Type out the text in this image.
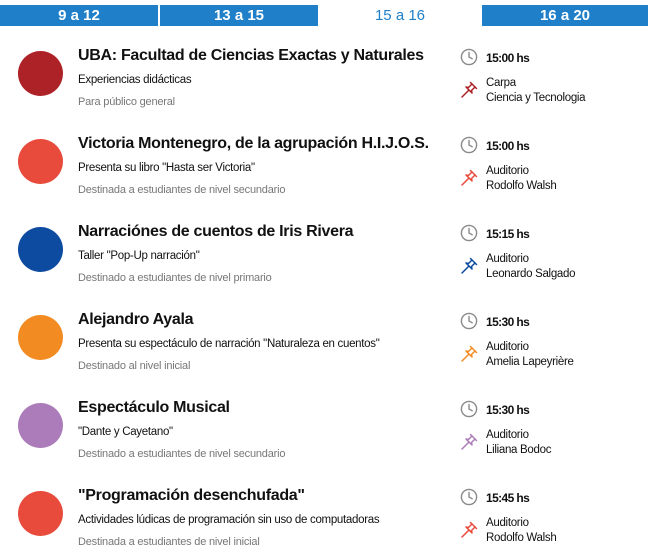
9 a 12	13 a 15	15 a 16	16 a 20
UBA: Facultad de Ciencias Exactas y Naturales
Experiencias didácticas
Para público general
15:00 hs
Carpa
Ciencia y Tecnologia
Victoria Montenegro, de la agrupación H.I.J.O.S.
Presenta su libro "Hasta ser Victoria"
Destinada a estudiantes de nivel secundario
15:00 hs
Auditorio
Rodolfo Walsh
Narraciónes de cuentos de Iris Rivera
Taller "Pop-Up narración"
Destinado a estudiantes de nivel primario
15:15 hs
Auditorio
Leonardo Salgado
Alejandro Ayala
Presenta su espectáculo de narración "Naturaleza en cuentos"
Destinado al nivel inicial
15:30 hs
Auditorio
Amelia Lapeyrière
Espectáculo Musical
"Dante y Cayetano"
Destinado a estudiantes de nivel secundario
15:30 hs
Auditorio
Liliana Bodoc
"Programación desenchufada"
Actividades lúdicas de programación sin uso de computadoras
Destinada a estudiantes de nivel inicial
15:45 hs
Auditorio
Rodolfo Walsh
